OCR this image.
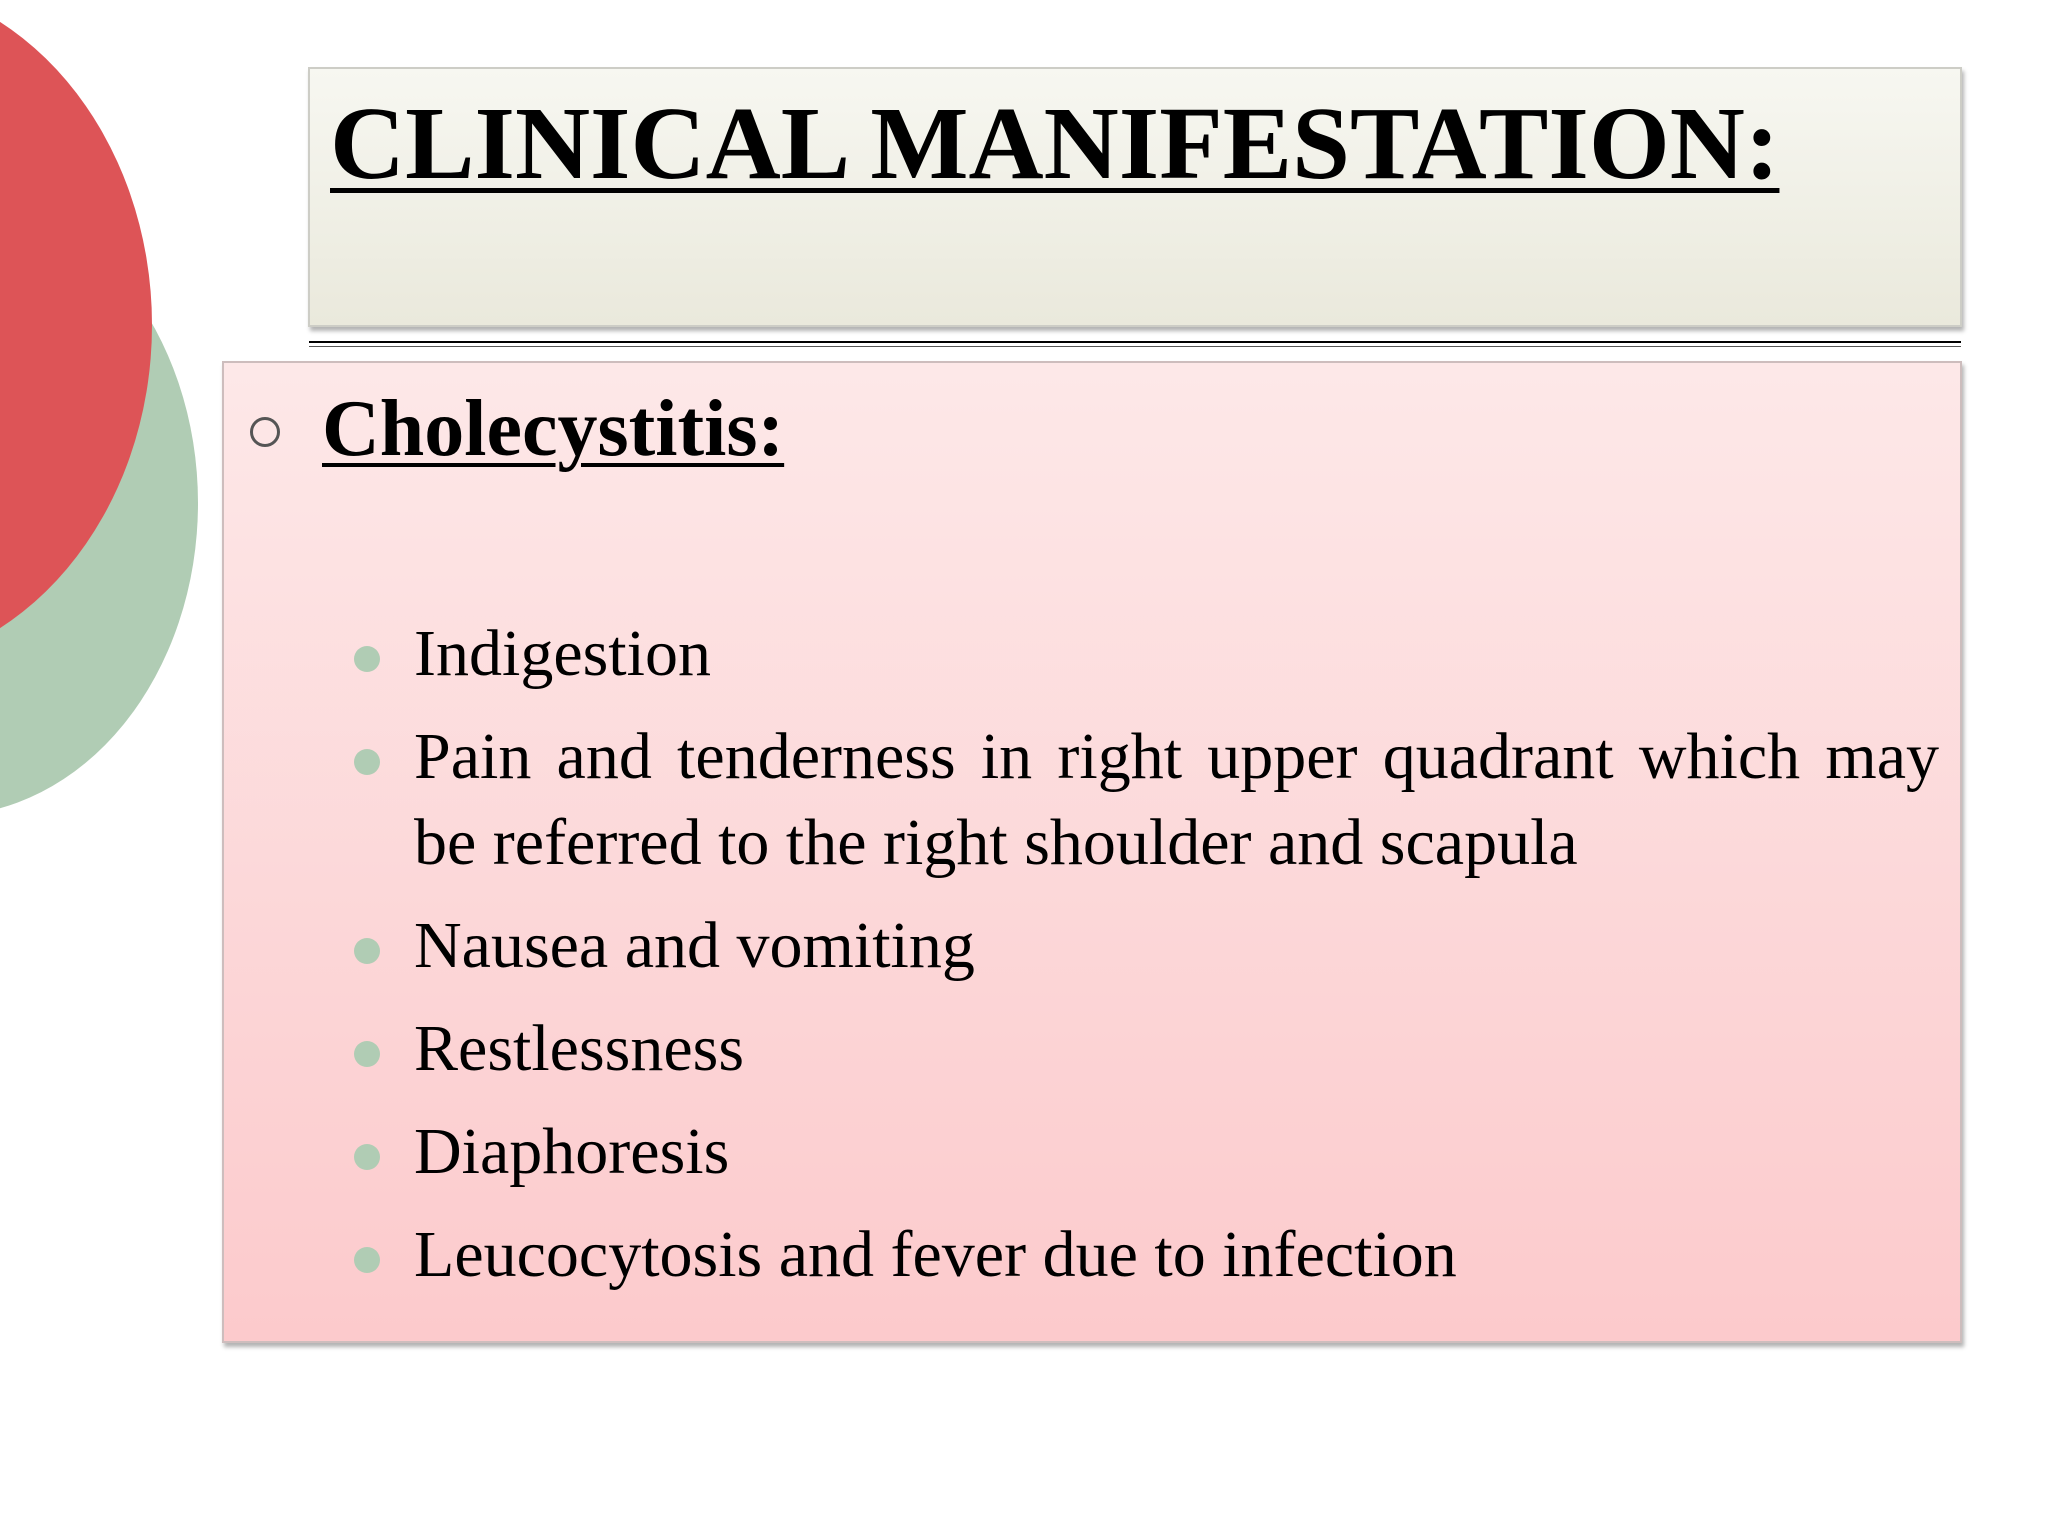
CLINICAL MANIFESTATION:
Cholecystitis:
Indigestion
Pain and tenderness in right upper quadrant which may be referred to the right shoulder and scapula
Nausea and vomiting
Restlessness
Diaphoresis
Leucocytosis and fever due to infection
